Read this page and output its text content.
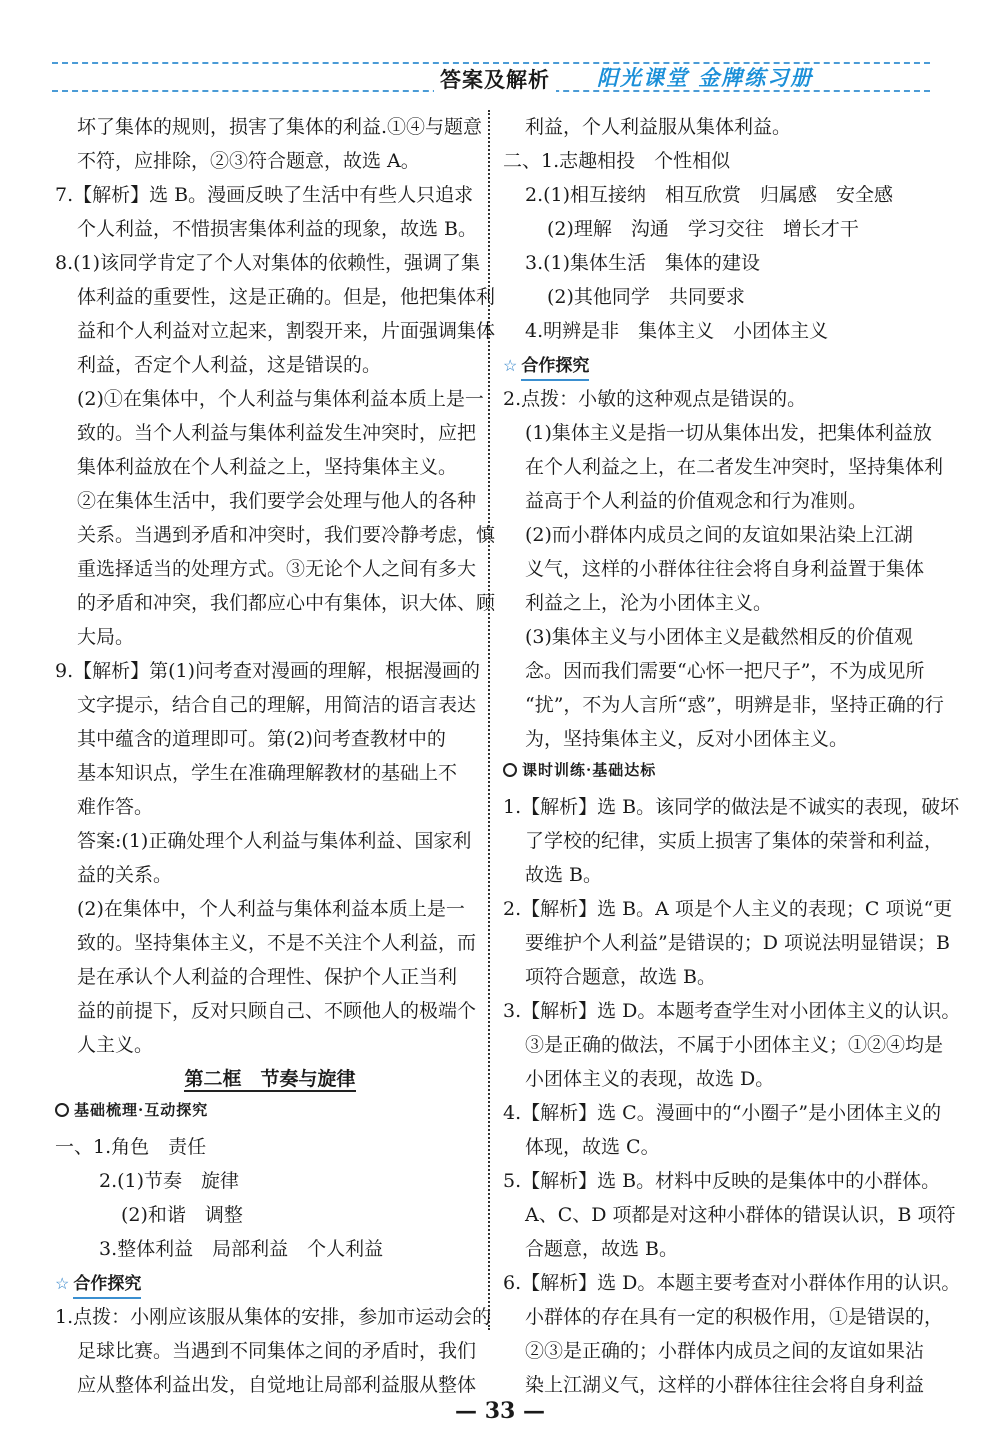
答案及解析 阳光课堂 金牌练习册
坏了集体的规则，损害了集体的利益.①④与题意
不符，应排除，②③符合题意，故选 A。
7.【解析】选 B。漫画反映了生活中有些人只追求
个人利益，不惜损害集体利益的现象，故选 B。
8.(1)该同学肯定了个人对集体的依赖性，强调了集
体利益的重要性，这是正确的。但是，他把集体利
益和个人利益对立起来，割裂开来，片面强调集体
利益，否定个人利益，这是错误的。
(2)①在集体中，个人利益与集体利益本质上是一
致的。当个人利益与集体利益发生冲突时，应把
集体利益放在个人利益之上，坚持集体主义。
②在集体生活中，我们要学会处理与他人的各种
关系。当遇到矛盾和冲突时，我们要冷静考虑，慎
重选择适当的处理方式。③无论个人之间有多大
的矛盾和冲突，我们都应心中有集体，识大体、顾
大局。
9.【解析】第(1)问考查对漫画的理解，根据漫画的
文字提示，结合自己的理解，用简洁的语言表达
其中蕴含的道理即可。第(2)问考查教材中的
基本知识点，学生在准确理解教材的基础上不
难作答。
答案:(1)正确处理个人利益与集体利益、国家利
益的关系。
(2)在集体中，个人利益与集体利益本质上是一
致的。坚持集体主义，不是不关注个人利益，而
是在承认个人利益的合理性、保护个人正当利
益的前提下，反对只顾自己、不顾他人的极端个
人主义。
第二框　节奏与旋律
基础梳理·互动探究
一、1.角色　责任
2.(1)节奏　旋律
(2)和谐　调整
3.整体利益　局部利益　个人利益
☆ 合作探究
1.点拨：小刚应该服从集体的安排，参加市运动会的
足球比赛。当遇到不同集体之间的矛盾时，我们
应从整体利益出发，自觉地让局部利益服从整体
利益，个人利益服从集体利益。
二、1.志趣相投　个性相似
2.(1)相互接纳　相互欣赏　归属感　安全感
(2)理解　沟通　学习交往　增长才干
3.(1)集体生活　集体的建设
(2)其他同学　共同要求
4.明辨是非　集体主义　小团体主义
☆ 合作探究
2.点拨：小敏的这种观点是错误的。
(1)集体主义是指一切从集体出发，把集体利益放
在个人利益之上，在二者发生冲突时，坚持集体利
益高于个人利益的价值观念和行为准则。
(2)而小群体内成员之间的友谊如果沾染上江湖
义气，这样的小群体往往会将自身利益置于集体
利益之上，沦为小团体主义。
(3)集体主义与小团体主义是截然相反的价值观
念。因而我们需要“心怀一把尺子”，不为成见所
“扰”，不为人言所“惑”，明辨是非，坚持正确的行
为，坚持集体主义，反对小团体主义。
课时训练·基础达标
1.【解析】选 B。该同学的做法是不诚实的表现，破坏
了学校的纪律，实质上损害了集体的荣誉和利益，
故选 B。
2.【解析】选 B。A 项是个人主义的表现；C 项说“更
要维护个人利益”是错误的；D 项说法明显错误；B
项符合题意，故选 B。
3.【解析】选 D。本题考查学生对小团体主义的认识。
③是正确的做法，不属于小团体主义；①②④均是
小团体主义的表现，故选 D。
4.【解析】选 C。漫画中的“小圈子”是小团体主义的
体现，故选 C。
5.【解析】选 B。材料中反映的是集体中的小群体。
A、C、D 项都是对这种小群体的错误认识，B 项符
合题意，故选 B。
6.【解析】选 D。本题主要考查对小群体作用的认识。
小群体的存在具有一定的积极作用，①是错误的，
②③是正确的；小群体内成员之间的友谊如果沾
染上江湖义气，这样的小群体往往会将自身利益
— 33 —
